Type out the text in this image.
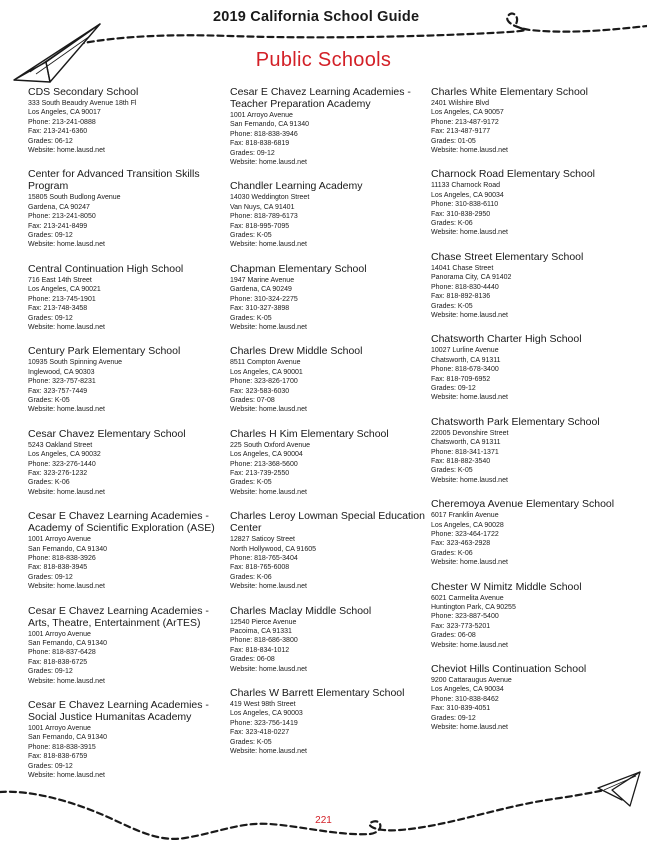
2019 California School Guide
Public Schools
CDS Secondary School
333 South Beaudry Avenue 18th Fl
Los Angeles, CA 90017
Phone: 213-241-0888
Fax: 213-241-6360
Grades: 06-12
Website: home.lausd.net
Center for Advanced Transition Skills Program
15805 South Budlong Avenue
Gardena, CA 90247
Phone: 213-241-8050
Fax: 213-241-8499
Grades: 09-12
Website: home.lausd.net
Central Continuation High School
716 East 14th Street
Los Angeles, CA 90021
Phone: 213-745-1901
Fax: 213-748-3458
Grades: 09-12
Website: home.lausd.net
Century Park Elementary School
10935 South Spinning Avenue
Inglewood, CA 90303
Phone: 323-757-8231
Fax: 323-757-7449
Grades: K-05
Website: home.lausd.net
Cesar Chavez Elementary School
5243 Oakland Street
Los Angeles, CA 90032
Phone: 323-276-1440
Fax: 323-276-1232
Grades: K-06
Website: home.lausd.net
Cesar E Chavez Learning Academies - Academy of Scientific Exploration (ASE)
1001 Arroyo Avenue
San Fernando, CA 91340
Phone: 818-838-3926
Fax: 818-838-3945
Grades: 09-12
Website: home.lausd.net
Cesar E Chavez Learning Academies - Arts, Theatre, Entertainment (ArTES)
1001 Arroyo Avenue
San Fernando, CA 91340
Phone: 818-837-6428
Fax: 818-838-6725
Grades: 09-12
Website: home.lausd.net
Cesar E Chavez Learning Academies - Social Justice Humanitas Academy
1001 Arroyo Avenue
San Fernando, CA 91340
Phone: 818-838-3915
Fax: 818-838-6759
Grades: 09-12
Website: home.lausd.net
Cesar E Chavez Learning Academies - Teacher Preparation Academy
1001 Arroyo Avenue
San Fernando, CA 91340
Phone: 818-838-3946
Fax: 818-838-6819
Grades: 09-12
Website: home.lausd.net
Chandler Learning Academy
14030 Weddington Street
Van Nuys, CA 91401
Phone: 818-789-6173
Fax: 818-995-7095
Grades: K-05
Website: home.lausd.net
Chapman Elementary School
1947 Marine Avenue
Gardena, CA 90249
Phone: 310-324-2275
Fax: 310-327-3898
Grades: K-05
Website: home.lausd.net
Charles Drew Middle School
8511 Compton Avenue
Los Angeles, CA 90001
Phone: 323-826-1700
Fax: 323-583-6030
Grades: 07-08
Website: home.lausd.net
Charles H Kim Elementary School
225 South Oxford Avenue
Los Angeles, CA 90004
Phone: 213-368-5600
Fax: 213-739-2550
Grades: K-05
Website: home.lausd.net
Charles Leroy Lowman Special Education Center
12827 Saticoy Street
North Hollywood, CA 91605
Phone: 818-765-3404
Fax: 818-765-6008
Grades: K-06
Website: home.lausd.net
Charles Maclay Middle School
12540 Pierce Avenue
Pacoima, CA 91331
Phone: 818-686-3800
Fax: 818-834-1012
Grades: 06-08
Website: home.lausd.net
Charles W Barrett Elementary School
419 West 98th Street
Los Angeles, CA 90003
Phone: 323-756-1419
Fax: 323-418-0227
Grades: K-05
Website: home.lausd.net
Charles White Elementary School
2401 Wilshire Blvd
Los Angeles, CA 90057
Phone: 213-487-9172
Fax: 213-487-9177
Grades: 01-05
Website: home.lausd.net
Charnock Road Elementary School
11133 Charnock Road
Los Angeles, CA 90034
Phone: 310-838-6110
Fax: 310-838-2950
Grades: K-06
Website: home.lausd.net
Chase Street Elementary School
14041 Chase Street
Panorama City, CA 91402
Phone: 818-830-4440
Fax: 818-892-8136
Grades: K-05
Website: home.lausd.net
Chatsworth Charter High School
10027 Lurline Avenue
Chatsworth, CA 91311
Phone: 818-678-3400
Fax: 818-709-6952
Grades: 09-12
Website: home.lausd.net
Chatsworth Park Elementary School
22005 Devonshire Street
Chatsworth, CA 91311
Phone: 818-341-1371
Fax: 818-882-3540
Grades: K-05
Website: home.lausd.net
Cheremoya Avenue Elementary School
6017 Franklin Avenue
Los Angeles, CA 90028
Phone: 323-464-1722
Fax: 323-463-2928
Grades: K-06
Website: home.lausd.net
Chester W Nimitz Middle School
6021 Carmelita Avenue
Huntington Park, CA 90255
Phone: 323-887-5400
Fax: 323-773-5201
Grades: 06-08
Website: home.lausd.net
Cheviot Hills Continuation School
9200 Cattaraugus Avenue
Los Angeles, CA 90034
Phone: 310-838-8462
Fax: 310-839-4051
Grades: 09-12
Website: home.lausd.net
221
